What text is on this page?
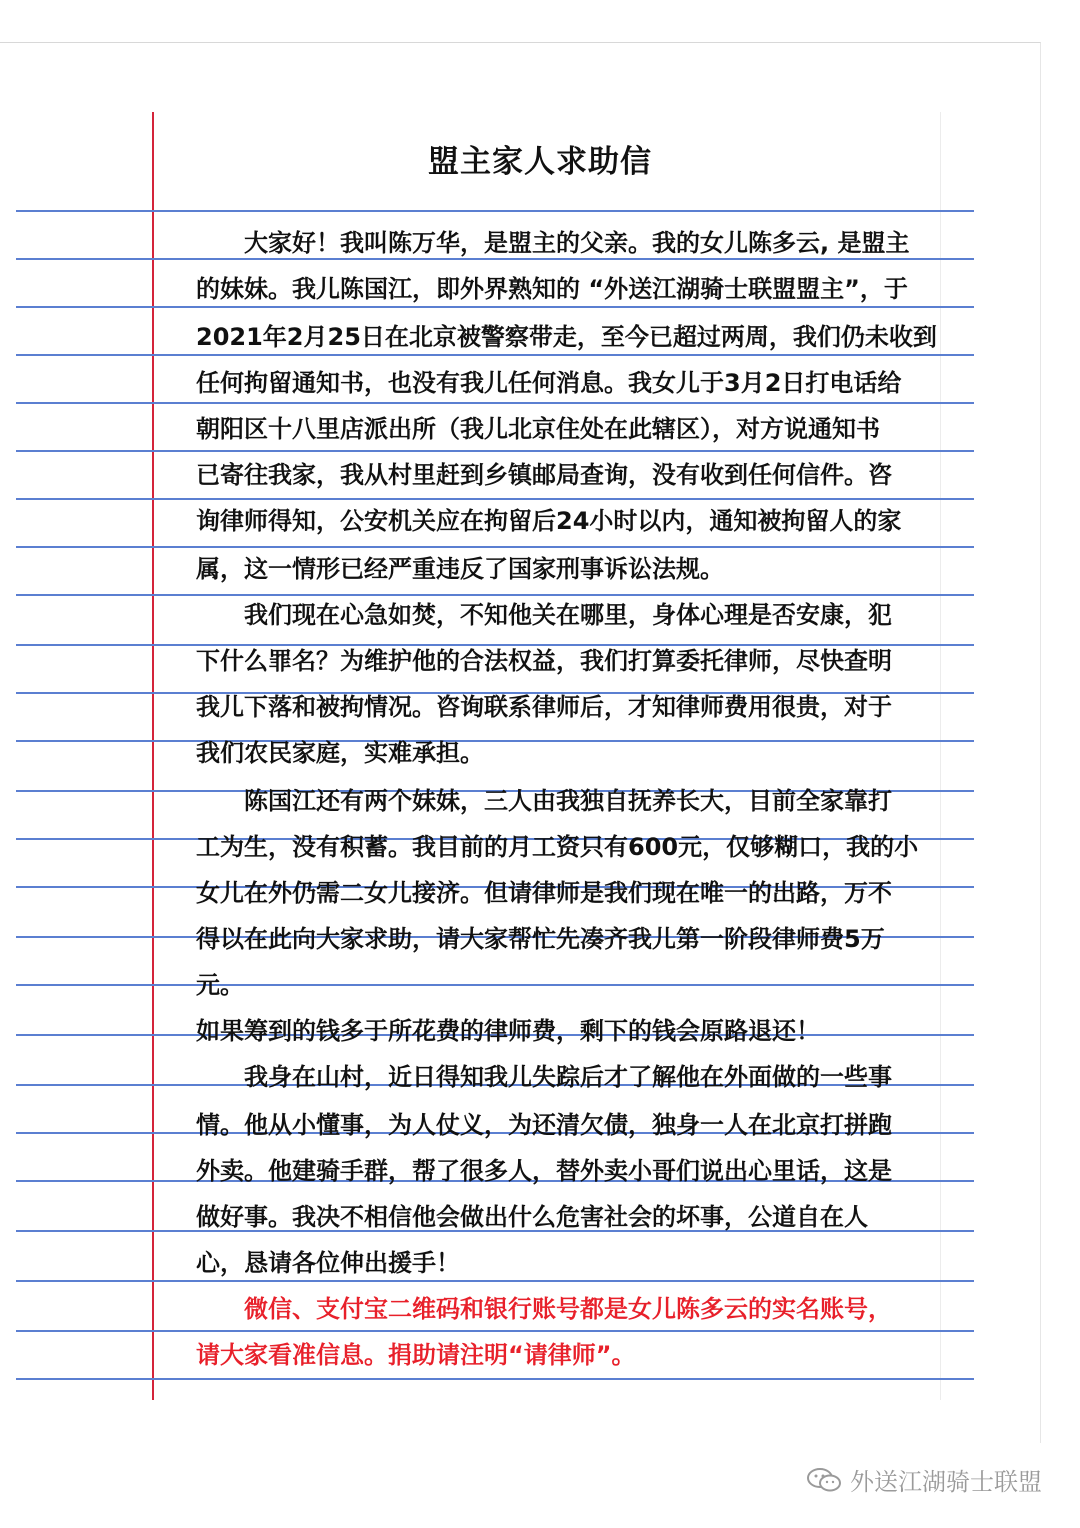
盟主家人求助信
　　大家好！我叫陈万华，是盟主的父亲。我的女儿陈多云, 是盟主
的妹妹。我儿陈国江，即外界熟知的 “外送江湖骑士联盟盟主”，于
2021年2月25日在北京被警察带走，至今已超过两周，我们仍未收到
任何拘留通知书，也没有我儿任何消息。我女儿于3月2日打电话给
朝阳区十八里店派出所（我儿北京住处在此辖区），对方说通知书
已寄往我家，我从村里赶到乡镇邮局查询，没有收到任何信件。咨
询律师得知，公安机关应在拘留后24小时以内，通知被拘留人的家
属，这一情形已经严重违反了国家刑事诉讼法规。
　　我们现在心急如焚，不知他关在哪里，身体心理是否安康，犯
下什么罪名？为维护他的合法权益，我们打算委托律师，尽快查明
我儿下落和被拘情况。咨询联系律师后，才知律师费用很贵，对于
我们农民家庭，实难承担。
　　陈国江还有两个妹妹，三人由我独自抚养长大，目前全家靠打
工为生，没有积蓄。我目前的月工资只有600元，仅够糊口，我的小
女儿在外仍需二女儿接济。但请律师是我们现在唯一的出路，万不
得以在此向大家求助，请大家帮忙先凑齐我儿第一阶段律师费5万
元。
如果筹到的钱多于所花费的律师费，剩下的钱会原路退还！
　　我身在山村，近日得知我儿失踪后才了解他在外面做的一些事
情。他从小懂事，为人仗义，为还清欠债，独身一人在北京打拼跑
外卖。他建骑手群，帮了很多人，替外卖小哥们说出心里话，这是
做好事。我决不相信他会做出什么危害社会的坏事，公道自在人
心，恳请各位伸出援手！
　　微信、支付宝二维码和银行账号都是女儿陈多云的实名账号，
请大家看准信息。捐助请注明“请律师”。
外送江湖骑士联盟
